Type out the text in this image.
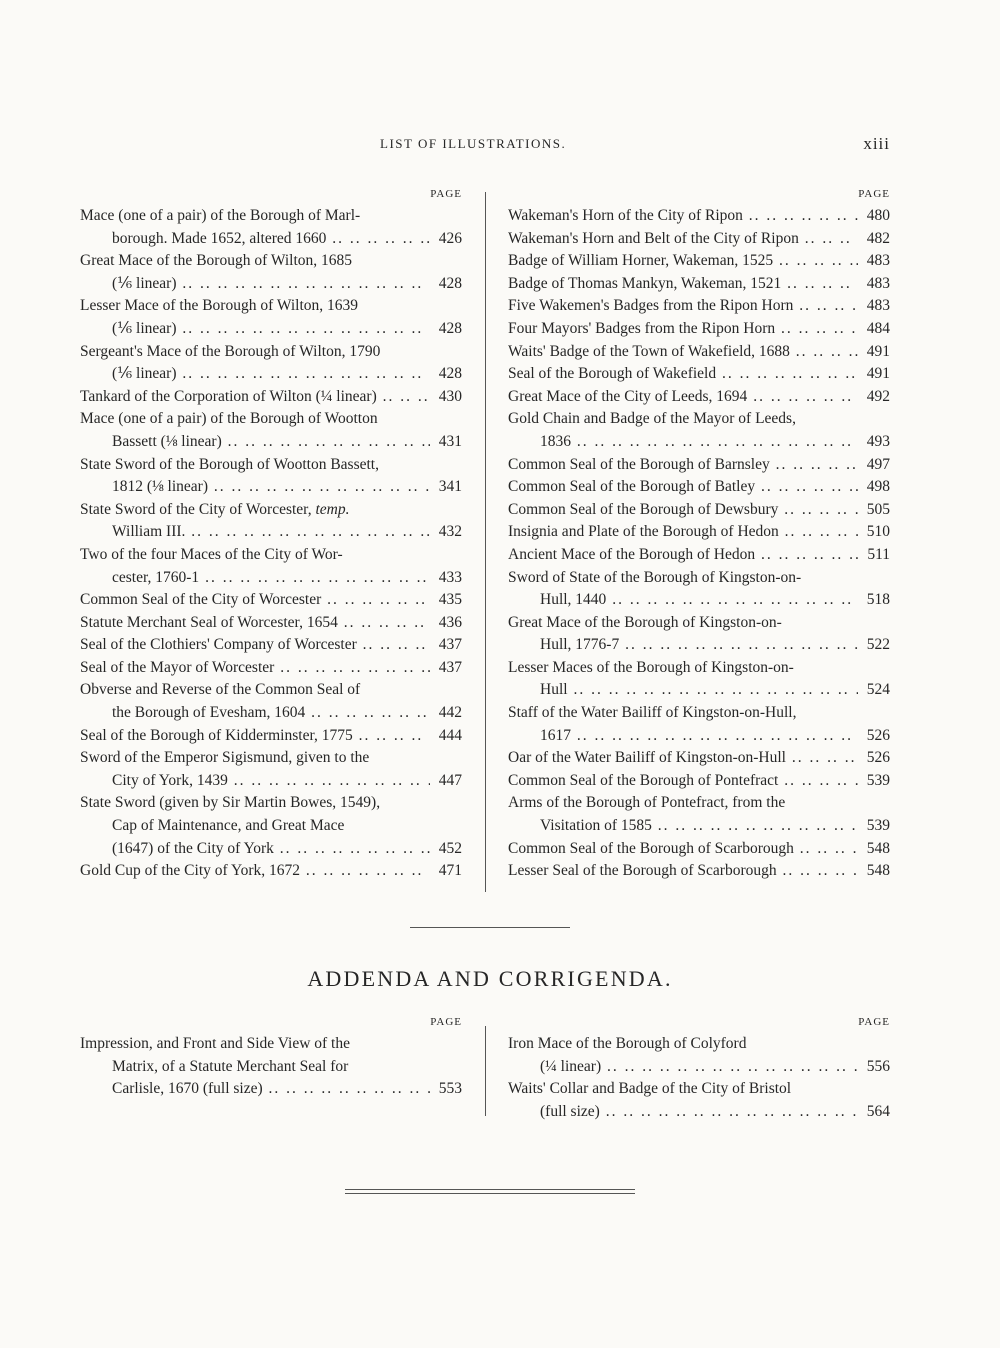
LIST OF ILLUSTRATIONS.	xiii
PAGE
Mace (one of a pair) of the Borough of Marl-
borough. Made 1652, altered 1660 .. ..	426
Great Mace of the Borough of Wilton, 1685
(⅙ linear) .. ..	428
Lesser Mace of the Borough of Wilton, 1639
(⅙ linear) .. ..	428
Sergeant's Mace of the Borough of Wilton, 1790
(⅙ linear) .. ..	428
Tankard of the Corporation of Wilton (¼ linear) .. ..	430
Mace (one of a pair) of the Borough of Wootton
Bassett (⅛ linear) .. ..	431
State Sword of the Borough of Wootton Bassett,
1812 (⅛ linear) .. ..	341
State Sword of the City of Worcester, temp.
William III. .. ..	432
Two of the four Maces of the City of Wor-
cester, 1760-1 .. ..	433
Common Seal of the City of Worcester .. ..	435
Statute Merchant Seal of Worcester, 1654 .. ..	436
Seal of the Clothiers' Company of Worcester .. ..	437
Seal of the Mayor of Worcester .. ..	437
Obverse and Reverse of the Common Seal of
the Borough of Evesham, 1604 .. ..	442
Seal of the Borough of Kidderminster, 1775 .. ..	444
Sword of the Emperor Sigismund, given to the
City of York, 1439 .. ..	447
State Sword (given by Sir Martin Bowes, 1549),
Cap of Maintenance, and Great Mace
(1647) of the City of York .. ..	452
Gold Cup of the City of York, 1672 .. ..	471
PAGE
Wakeman's Horn of the City of Ripon .. ..	480
Wakeman's Horn and Belt of the City of Ripon .. ..	482
Badge of William Horner, Wakeman, 1525 .. ..	483
Badge of Thomas Mankyn, Wakeman, 1521 .. ..	483
Five Wakemen's Badges from the Ripon Horn .. ..	483
Four Mayors' Badges from the Ripon Horn .. ..	484
Waits' Badge of the Town of Wakefield, 1688 .. ..	491
Seal of the Borough of Wakefield .. ..	491
Great Mace of the City of Leeds, 1694 .. ..	492
Gold Chain and Badge of the Mayor of Leeds,
1836 .. ..	493
Common Seal of the Borough of Barnsley .. ..	497
Common Seal of the Borough of Batley .. ..	498
Common Seal of the Borough of Dewsbury .. ..	505
Insignia and Plate of the Borough of Hedon .. ..	510
Ancient Mace of the Borough of Hedon .. ..	511
Sword of State of the Borough of Kingston-on-
Hull, 1440 .. ..	518
Great Mace of the Borough of Kingston-on-
Hull, 1776-7 .. ..	522
Lesser Maces of the Borough of Kingston-on-
Hull .. ..	524
Staff of the Water Bailiff of Kingston-on-Hull,
1617 .. ..	526
Oar of the Water Bailiff of Kingston-on-Hull .. ..	526
Common Seal of the Borough of Pontefract .. ..	539
Arms of the Borough of Pontefract, from the
Visitation of 1585 .. ..	539
Common Seal of the Borough of Scarborough .. ..	548
Lesser Seal of the Borough of Scarborough .. ..	548
ADDENDA AND CORRIGENDA.
PAGE
Impression, and Front and Side View of the
Matrix, of a Statute Merchant Seal for
Carlisle, 1670 (full size) .. ..	553
PAGE
Iron Mace of the Borough of Colyford
(¼ linear) .. ..	556
Waits' Collar and Badge of the City of Bristol
(full size) .. ..	564
